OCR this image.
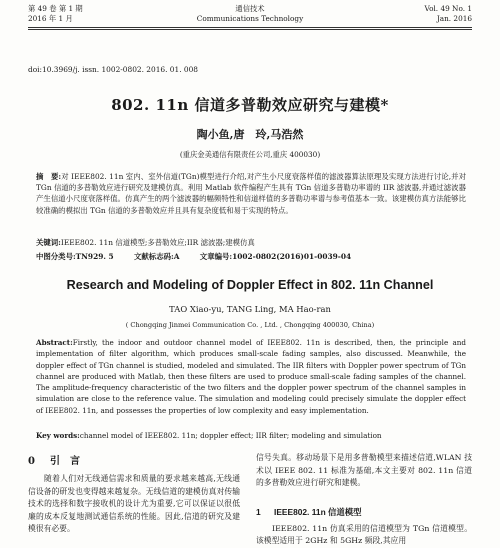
第 49 卷 第 1 期
2016 年 1 月
通信技术
Communications Technology
Vol. 49 No. 1
Jan. 2016
doi:10.3969/j. issn. 1002-0802. 2016. 01. 008
802. 11n 信道多普勒效应研究与建模*
陶小鱼,唐　玲,马浩然
(重庆金美通信有限责任公司,重庆 400030)

摘　要:对 IEEE802. 11n 室内、室外信道(TGn)模型进行介绍,对产生小尺度衰落样值的滤波器算法原理及实现方法进行讨论,并对 TGn 信道的多普勒效应进行研究及建模仿真。利用 Matlab 软件编程产生具有 TGn 信道多普勒功率谱的 IIR 滤波器,并通过滤波器产生信道小尺度衰落样值。仿真产生的两个滤波器的幅频特性和信道样值的多普勒功率谱与参考值基本一致。该建模仿真方法能够比较准确的模拟出 TGn 信道的多普勒效应并且具有复杂度低和易于实现的特点。

关键词:IEEE802. 11n 信道模型;多普勒效应;IIR 滤波器;建模仿真
中图分类号:TN929. 5	文献标志码:A	文章编号:1002-0802(2016)01-0039-04
Research and Modeling of Doppler Effect in 802. 11n Channel
TAO Xiao-yu, TANG Ling, MA Hao-ran
( Chongqing Jinmei Communication Co. , Ltd. , Chongqing 400030, China)

Abstract:Firstly, the indoor and outdoor channel model of IEEE802. 11n is described, then, the principle and implementation of filter algorithm, which produces small-scale fading samples, also discussed. Meanwhile, the doppler effect of TGn channel is studied, modeled and simulated. The IIR filters with Doppler power spectrum of TGn channel are produced with Matlab, then these filters are used to produce small-scale fading samples of the channel. The amplitude-frequency characteristic of the two filters and the doppler power spectrum of the channel samples in simulation are close to the reference value. The simulation and modeling could precisely simulate the doppler effect of IEEE802. 11n, and possesses the properties of low complexity and easy implementation.

Key words:channel model of IEEE802. 11n; doppler effect; IIR filter; modeling and simulation

0 引　言

随着人们对无线通信需求和质量的要求越来越高,无线通信设备的研发也变得越来越复杂。无线信道的建模仿真对传输技术的选择和数字接收机的设计尤为重要,它可以保证以很低廉的成本反复地测试通信系统的性能。因此,信道的研究及建模很有必要。

信号失真。移动场景下是用多普勒模型来描述信道,WLAN 技术以 IEEE 802. 11 标准为基础,本文主要对 802. 11n 信道的多普勒效应进行研究和建模。

1 IEEE802. 11n 信道模型

IEEE802. 11n 仿真采用的信道模型为 TGn 信道模型。该模型适用于 2GHz 和 5GHz 频段,其应用
